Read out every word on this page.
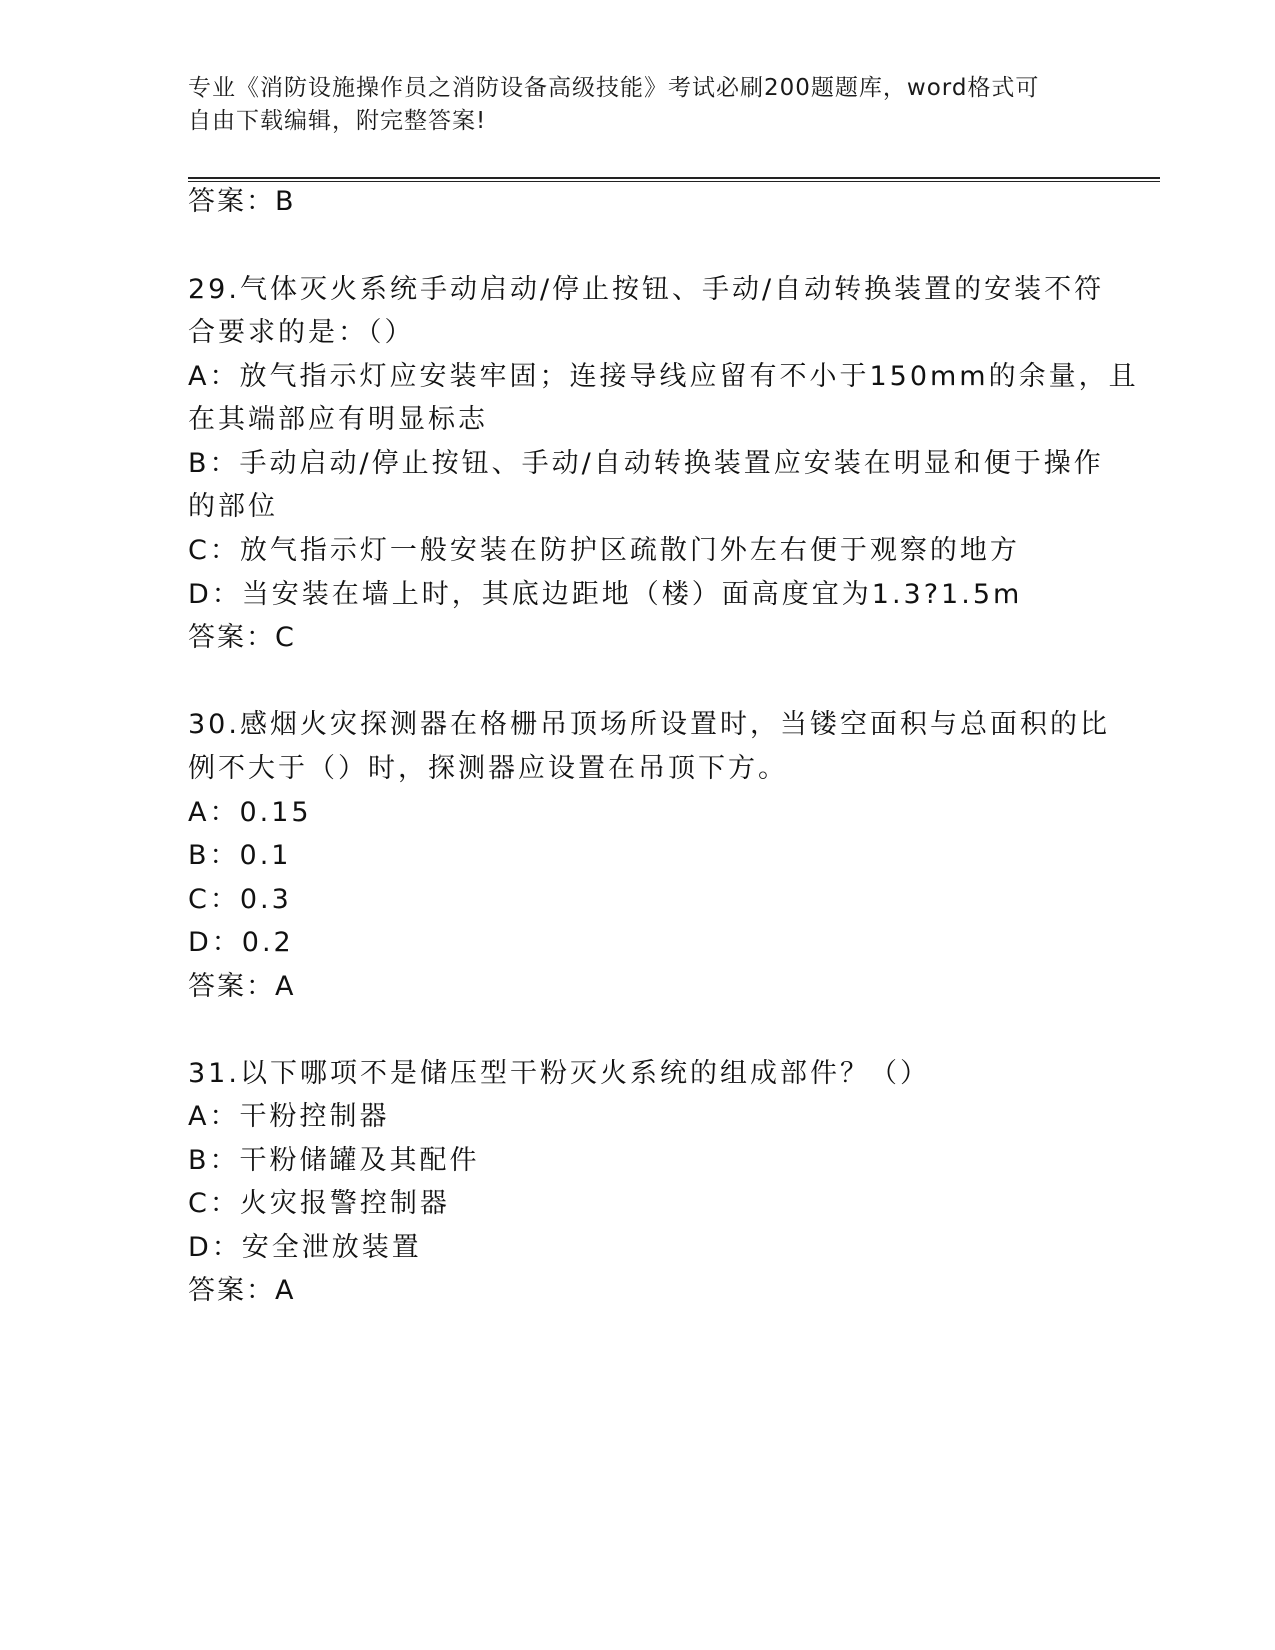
专业《消防设施操作员之消防设备高级技能》考试必刷200题题库，word格式可
自由下载编辑，附完整答案!
答案：B
29.气体灭火系统手动启动/停止按钮、手动/自动转换装置的安装不符
合要求的是：（）
A：放气指示灯应安装牢固；连接导线应留有不小于150mm的余量，且
在其端部应有明显标志
B：手动启动/停止按钮、手动/自动转换装置应安装在明显和便于操作
的部位
C：放气指示灯一般安装在防护区疏散门外左右便于观察的地方
D：当安装在墙上时，其底边距地（楼）面高度宜为1.3?1.5m
答案：C
30.感烟火灾探测器在格栅吊顶场所设置时，当镂空面积与总面积的比
例不大于（）时，探测器应设置在吊顶下方。
A：0.15
B：0.1
C：0.3
D：0.2
答案：A
31.以下哪项不是储压型干粉灭火系统的组成部件？（）
A：干粉控制器
B：干粉储罐及其配件
C：火灾报警控制器
D：安全泄放装置
答案：A
